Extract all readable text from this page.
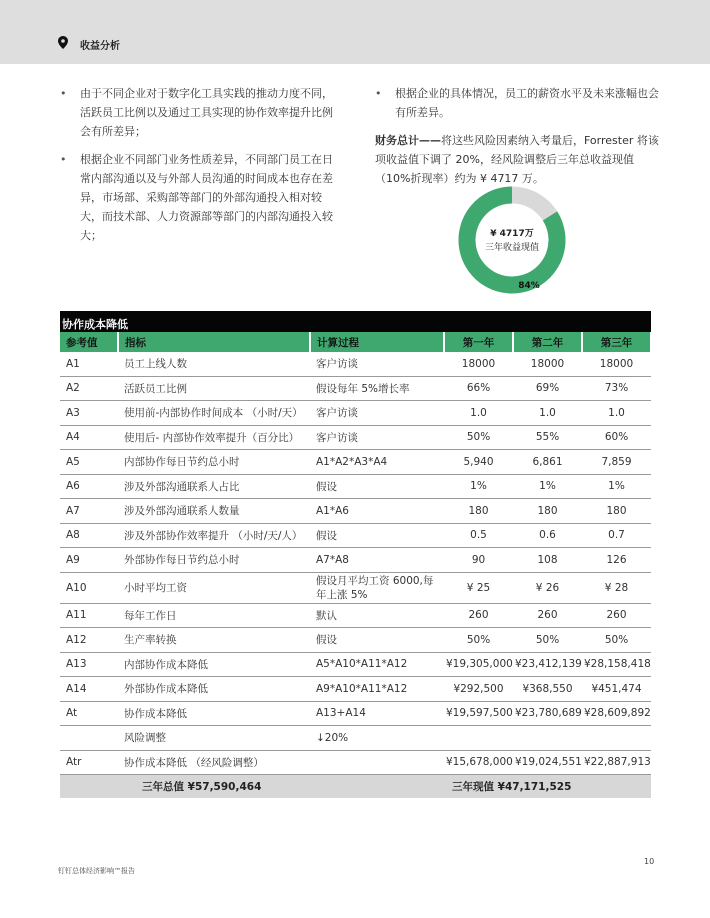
收益分析
• 由于不同企业对于数字化工具实践的推动力度不同，活跃员工比例以及通过工具实现的协作效率提升比例会有所差异；
• 根据企业不同部门业务性质差异，不同部门员工在日常内部沟通以及与外部人员沟通的时间成本也存在差异，市场部、采购部等部门的外部沟通投入相对较大，而技术部、人力资源部等部门的内部沟通投入较大；
• 根据企业的具体情况，员工的薪资水平及未来涨幅也会有所差异。

财务总计——将这些风险因素纳入考量后，Forrester 将该项收益值下调了 20%，经风险调整后三年总收益现值（10%折现率）约为 ¥ 4717 万。

¥ 4717万
三年收益现值
84%
协作成本降低
参考值	指标	计算过程	第一年	第二年	第三年
A1	员工上线人数	客户访谈	18000	18000	18000
A2	活跃员工比例	假设每年 5%增长率	66%	69%	73%
A3	使用前-内部协作时间成本 （小时/天）	客户访谈	1.0	1.0	1.0
A4	使用后- 内部协作效率提升（百分比）	客户访谈	50%	55%	60%
A5	内部协作每日节约总小时	A1*A2*A3*A4	5,940	6,861	7,859
A6	涉及外部沟通联系人占比	假设	1%	1%	1%
A7	涉及外部沟通联系人数量	A1*A6	180	180	180
A8	涉及外部协作效率提升 （小时/天/人）	假设	0.5	0.6	0.7
A9	外部协作每日节约总小时	A7*A8	90	108	126
A10	小时平均工资	假设月平均工资 6000,每年上涨 5%	¥ 25	¥ 26	¥ 28
A11	每年工作日	默认	260	260	260
A12	生产率转换	假设	50%	50%	50%
A13	内部协作成本降低	A5*A10*A11*A12	¥19,305,000	¥23,412,139	¥28,158,418
A14	外部协作成本降低	A9*A10*A11*A12	¥292,500	¥368,550	¥451,474
At	协作成本降低	A13+A14	¥19,597,500	¥23,780,689	¥28,609,892
	风险调整	↓20%			
Atr	协作成本降低 （经风险调整）		¥15,678,000	¥19,024,551	¥22,887,913
	三年总值 ¥57,590,464		三年现值 ¥47,171,525		
10
钉钉总体经济影响™报告
